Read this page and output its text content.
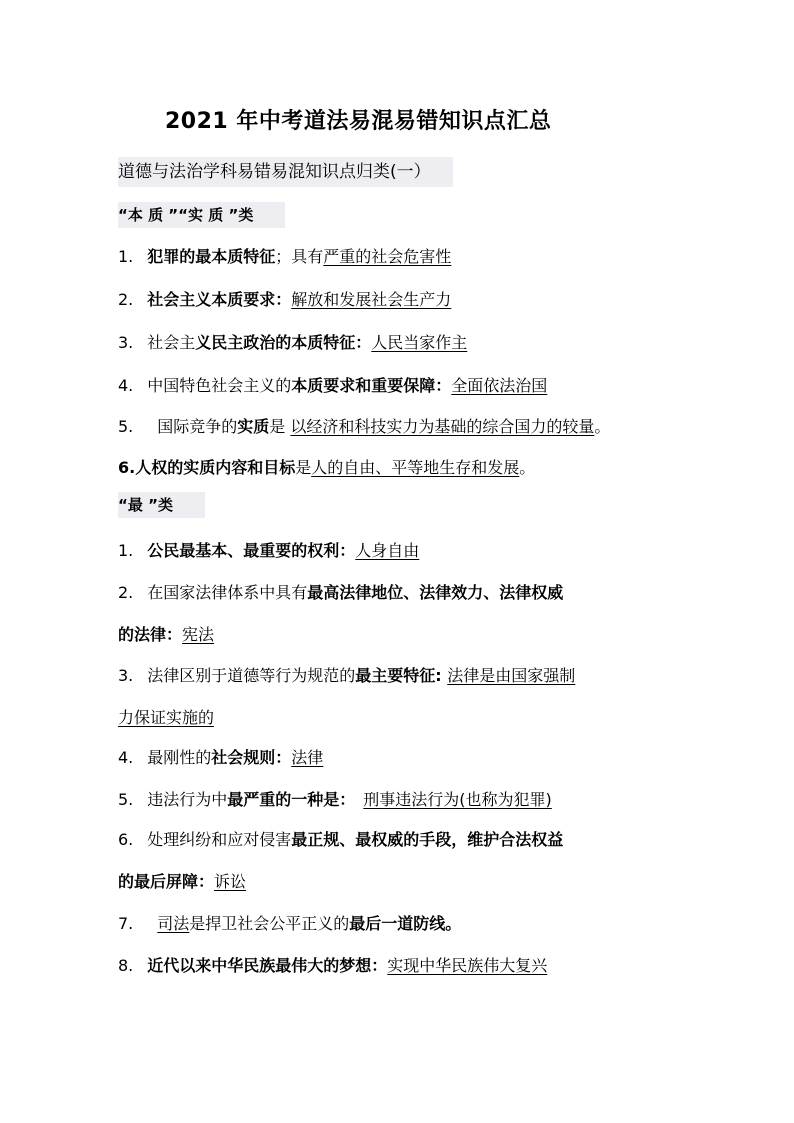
2021 年中考道法易混易错知识点汇总
道德与法治学科易错易混知识点归类(一）
“本 质 ”“实 质 ”类
1. 犯罪的最本质特征；具有严重的社会危害性
2. 社会主义本质要求：解放和发展社会生产力
3. 社会主义民主政治的本质特征：人民当家作主
4. 中国特色社会主义的本质要求和重要保障：全面依法治国
5. 国际竞争的实质是 以经济和科技实力为基础的综合国力的较量。
6.人权的实质内容和目标是人的自由、平等地生存和发展。
“最 ”类
1. 公民最基本、最重要的权利：人身自由
2. 在国家法律体系中具有最高法律地位、法律效力、法律权威
的法律：宪法
3. 法律区别于道德等行为规范的最主要特征: 法律是由国家强制
力保证实施的
4. 最刚性的社会规则：法律
5. 违法行为中最严重的一种是： 刑事违法行为(也称为犯罪)
6. 处理纠纷和应对侵害最正规、最权威的手段，维护合法权益
的最后屏障：诉讼
7. 司法是捍卫社会公平正义的最后一道防线。
8. 近代以来中华民族最伟大的梦想：实现中华民族伟大复兴
